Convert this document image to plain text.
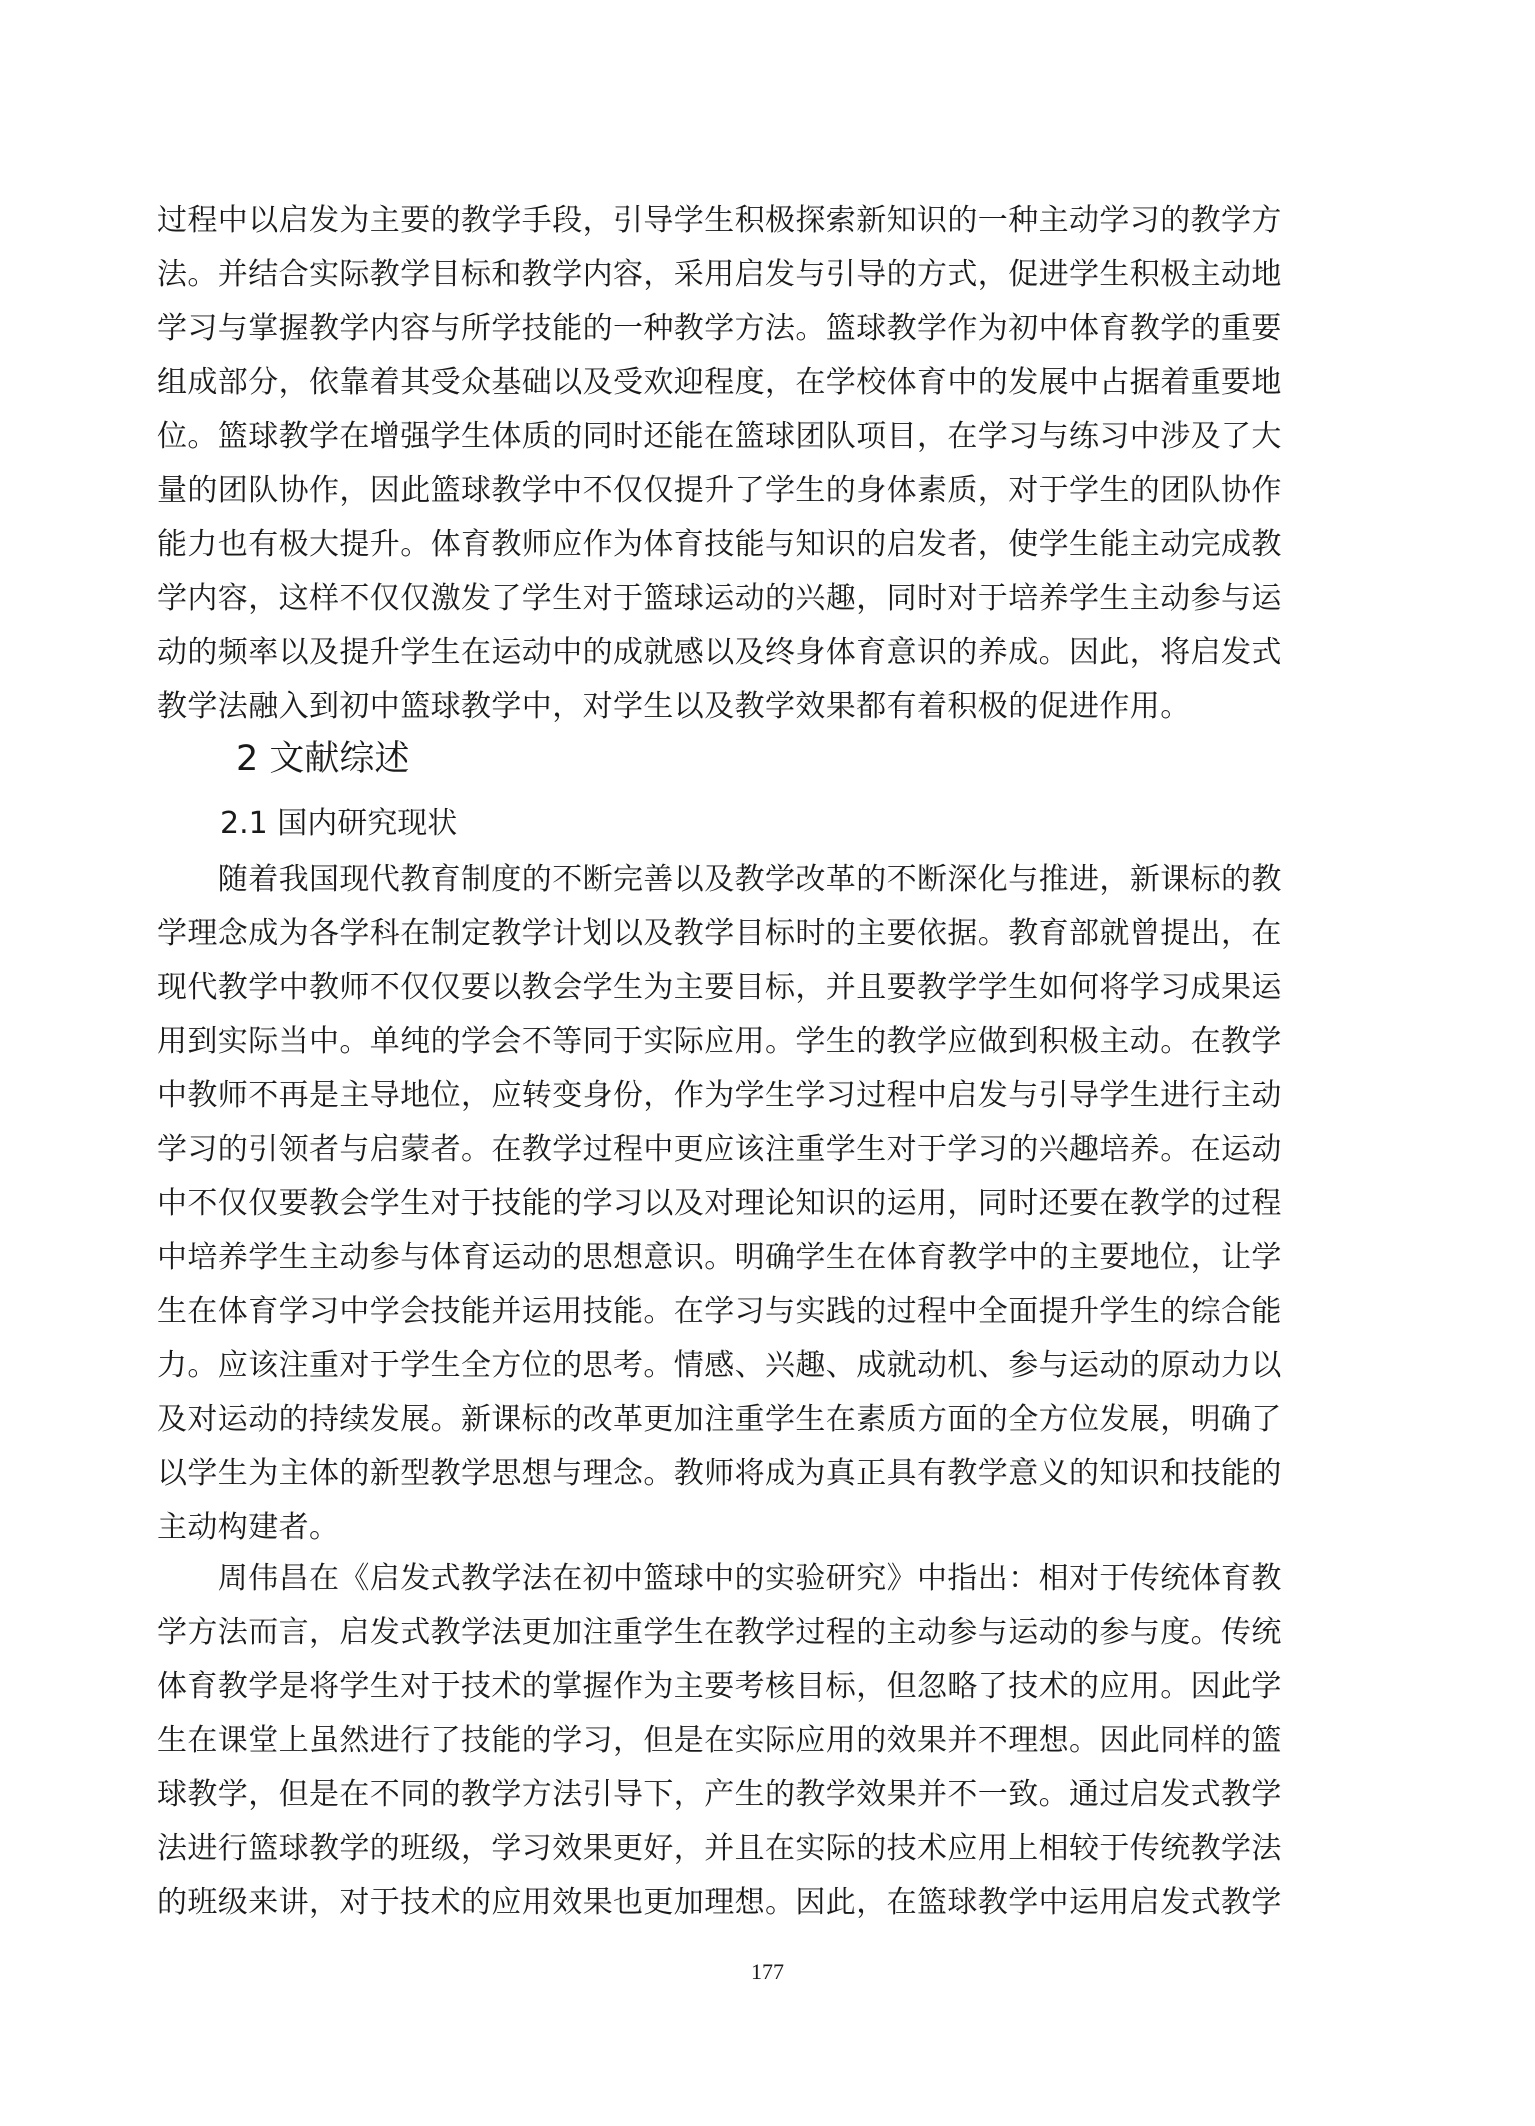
过程中以启发为主要的教学手段，引导学生积极探索新知识的一种主动学习的教学方
法。并结合实际教学目标和教学内容，采用启发与引导的方式，促进学生积极主动地
学习与掌握教学内容与所学技能的一种教学方法。篮球教学作为初中体育教学的重要
组成部分，依靠着其受众基础以及受欢迎程度，在学校体育中的发展中占据着重要地
位。篮球教学在增强学生体质的同时还能在篮球团队项目，在学习与练习中涉及了大
量的团队协作，因此篮球教学中不仅仅提升了学生的身体素质，对于学生的团队协作
能力也有极大提升。体育教师应作为体育技能与知识的启发者，使学生能主动完成教
学内容，这样不仅仅激发了学生对于篮球运动的兴趣，同时对于培养学生主动参与运
动的频率以及提升学生在运动中的成就感以及终身体育意识的养成。因此，将启发式
教学法融入到初中篮球教学中，对学生以及教学效果都有着积极的促进作用。
2 文献综述
2.1 国内研究现状
　　随着我国现代教育制度的不断完善以及教学改革的不断深化与推进，新课标的教
学理念成为各学科在制定教学计划以及教学目标时的主要依据。教育部就曾提出，在
现代教学中教师不仅仅要以教会学生为主要目标，并且要教学学生如何将学习成果运
用到实际当中。单纯的学会不等同于实际应用。学生的教学应做到积极主动。在教学
中教师不再是主导地位，应转变身份，作为学生学习过程中启发与引导学生进行主动
学习的引领者与启蒙者。在教学过程中更应该注重学生对于学习的兴趣培养。在运动
中不仅仅要教会学生对于技能的学习以及对理论知识的运用，同时还要在教学的过程
中培养学生主动参与体育运动的思想意识。明确学生在体育教学中的主要地位，让学
生在体育学习中学会技能并运用技能。在学习与实践的过程中全面提升学生的综合能
力。应该注重对于学生全方位的思考。情感、兴趣、成就动机、参与运动的原动力以
及对运动的持续发展。新课标的改革更加注重学生在素质方面的全方位发展，明确了
以学生为主体的新型教学思想与理念。教师将成为真正具有教学意义的知识和技能的
主动构建者。
　　周伟昌在《启发式教学法在初中篮球中的实验研究》中指出：相对于传统体育教
学方法而言，启发式教学法更加注重学生在教学过程的主动参与运动的参与度。传统
体育教学是将学生对于技术的掌握作为主要考核目标，但忽略了技术的应用。因此学
生在课堂上虽然进行了技能的学习，但是在实际应用的效果并不理想。因此同样的篮
球教学，但是在不同的教学方法引导下，产生的教学效果并不一致。通过启发式教学
法进行篮球教学的班级，学习效果更好，并且在实际的技术应用上相较于传统教学法
的班级来讲，对于技术的应用效果也更加理想。因此，在篮球教学中运用启发式教学
177
